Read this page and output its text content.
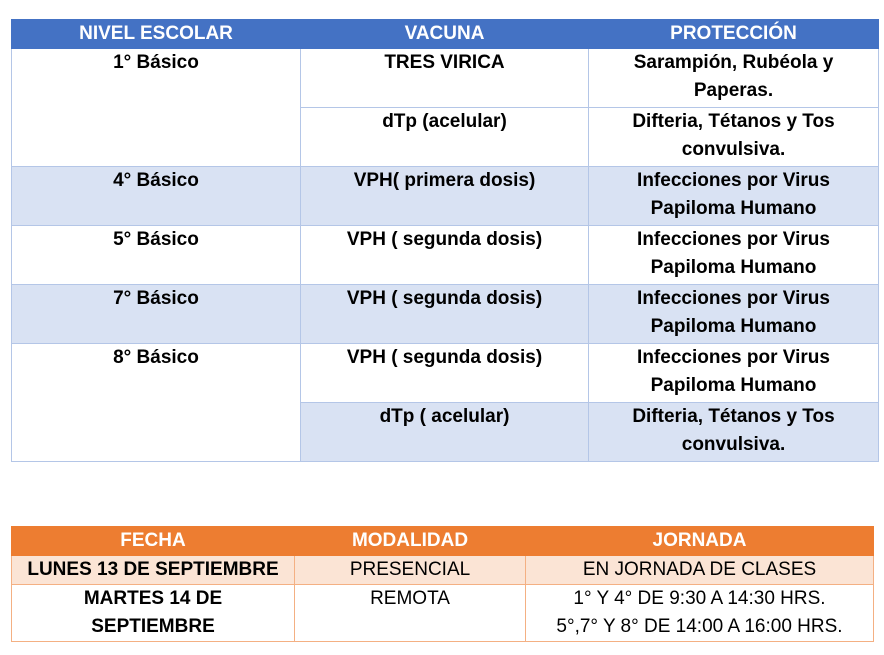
NIVEL ESCOLAR	VACUNA	PROTECCIÓN
1° Básico	TRES VIRICA	Sarampión, Rubéola y Paperas.
	dTp (acelular)	Difteria, Tétanos y Tos convulsiva.
4° Básico	VPH( primera dosis)	Infecciones por Virus Papiloma Humano
5° Básico	VPH ( segunda dosis)	Infecciones por Virus Papiloma Humano
7° Básico	VPH ( segunda dosis)	Infecciones por Virus Papiloma Humano
8° Básico	VPH ( segunda dosis)	Infecciones por Virus Papiloma Humano
	dTp ( acelular)	Difteria, Tétanos y Tos convulsiva.
FECHA	MODALIDAD	JORNADA
LUNES 13 DE SEPTIEMBRE	PRESENCIAL	EN JORNADA DE CLASES
MARTES 14 DE SEPTIEMBRE	REMOTA	1° Y 4° DE 9:30 A 14:30 HRS.
5°,7° Y 8° DE 14:00 A 16:00 HRS.
